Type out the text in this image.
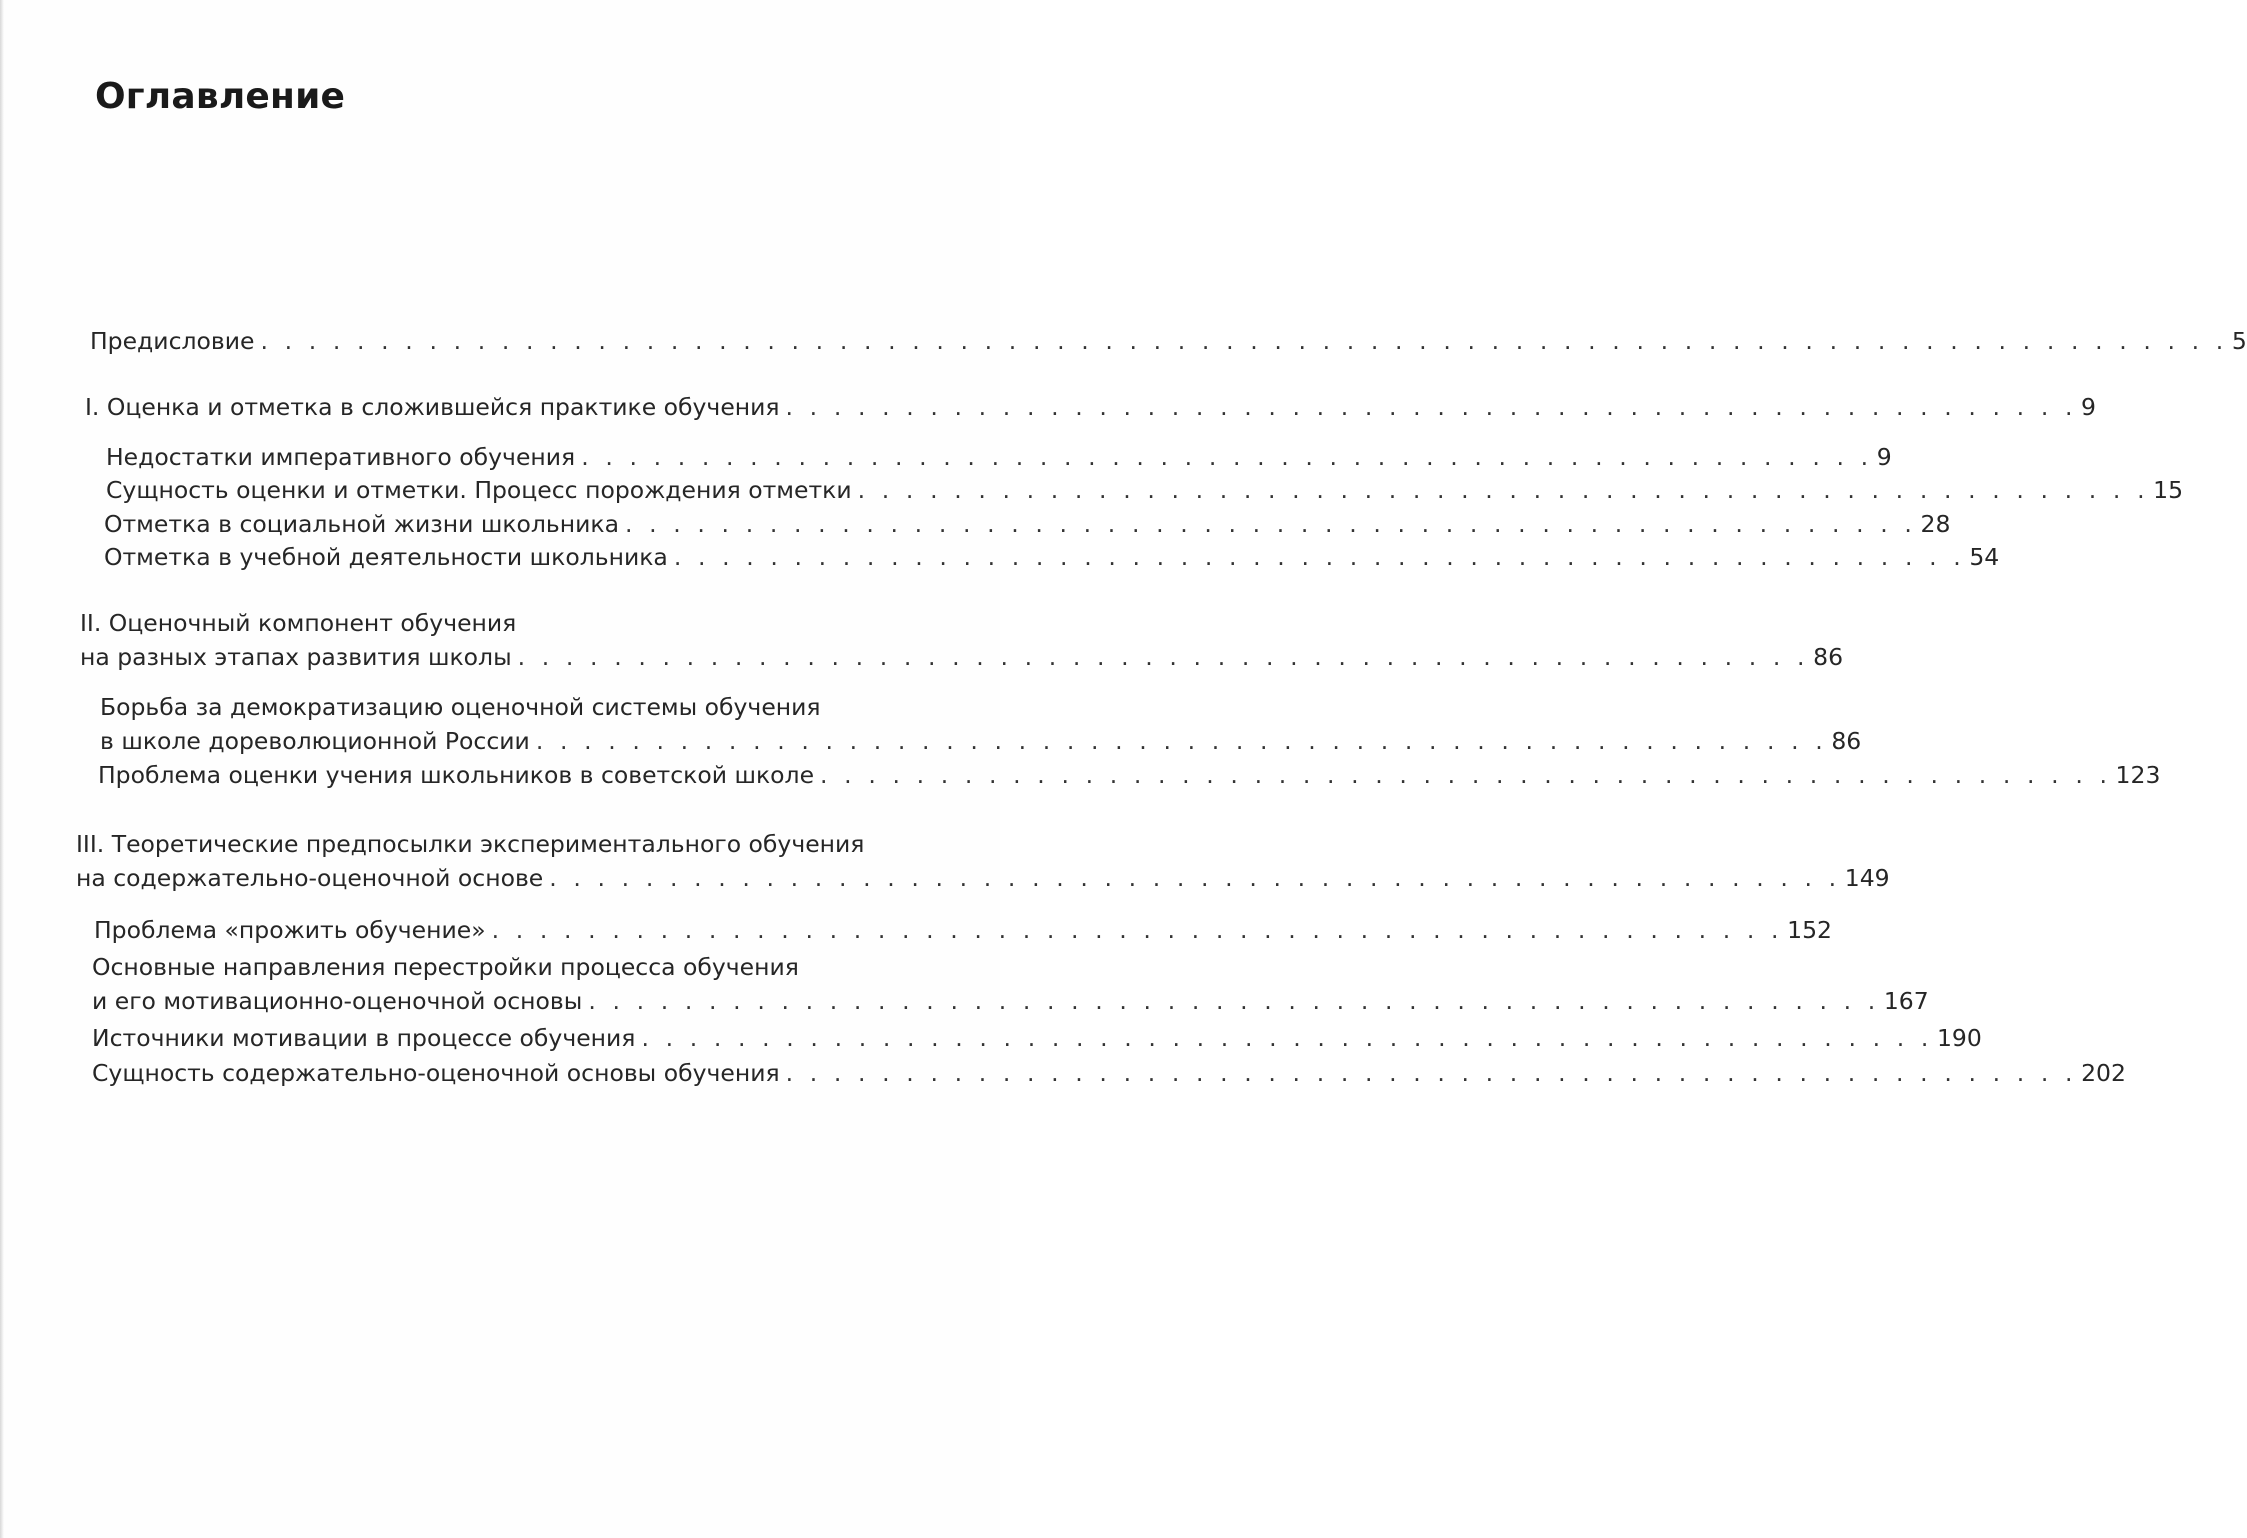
Оглавление
Предисловие . . . . . . . . . . . . . . . . . . . . . . . . . . . . . . . . . . . . . . . . . . . . . . . . . . . . . . . . . . . . . . . . . . . . . . . . . . . . . . . . . . 5
I. Оценка и отметка в сложившейся практике обучения . . . . . . . . . . . . . . . . . . . . . . . . . . . . . . . . . . . . . . . . . . . . . . . . . . . . . . 9
Недостатки императивного обучения . . . . . . . . . . . . . . . . . . . . . . . . . . . . . . . . . . . . . . . . . . . . . . . . . . . . . . 9
Сущность оценки и отметки. Процесс порождения отметки . . . . . . . . . . . . . . . . . . . . . . . . . . . . . . . . . . . . . . . . . . . . . . . . . . . . . . 15
Отметка в социальной жизни школьника . . . . . . . . . . . . . . . . . . . . . . . . . . . . . . . . . . . . . . . . . . . . . . . . . . . . . . 28
Отметка в учебной деятельности школьника . . . . . . . . . . . . . . . . . . . . . . . . . . . . . . . . . . . . . . . . . . . . . . . . . . . . . . 54
II. Оценочный компонент обучения
на разных этапах развития школы . . . . . . . . . . . . . . . . . . . . . . . . . . . . . . . . . . . . . . . . . . . . . . . . . . . . . . 86
Борьба за демократизацию оценочной системы обучения
в школе дореволюционной России . . . . . . . . . . . . . . . . . . . . . . . . . . . . . . . . . . . . . . . . . . . . . . . . . . . . . . 86
Проблема оценки учения школьников в советской школе . . . . . . . . . . . . . . . . . . . . . . . . . . . . . . . . . . . . . . . . . . . . . . . . . . . . . . 123
III. Теоретические предпосылки экспериментального обучения
на содержательно-оценочной основе . . . . . . . . . . . . . . . . . . . . . . . . . . . . . . . . . . . . . . . . . . . . . . . . . . . . . . 149
Проблема «прожить обучение» . . . . . . . . . . . . . . . . . . . . . . . . . . . . . . . . . . . . . . . . . . . . . . . . . . . . . . 152
Основные направления перестройки процесса обучения
и его мотивационно-оценочной основы . . . . . . . . . . . . . . . . . . . . . . . . . . . . . . . . . . . . . . . . . . . . . . . . . . . . . . 167
Источники мотивации в процессе обучения . . . . . . . . . . . . . . . . . . . . . . . . . . . . . . . . . . . . . . . . . . . . . . . . . . . . . . 190
Сущность содержательно-оценочной основы обучения . . . . . . . . . . . . . . . . . . . . . . . . . . . . . . . . . . . . . . . . . . . . . . . . . . . . . . 202
